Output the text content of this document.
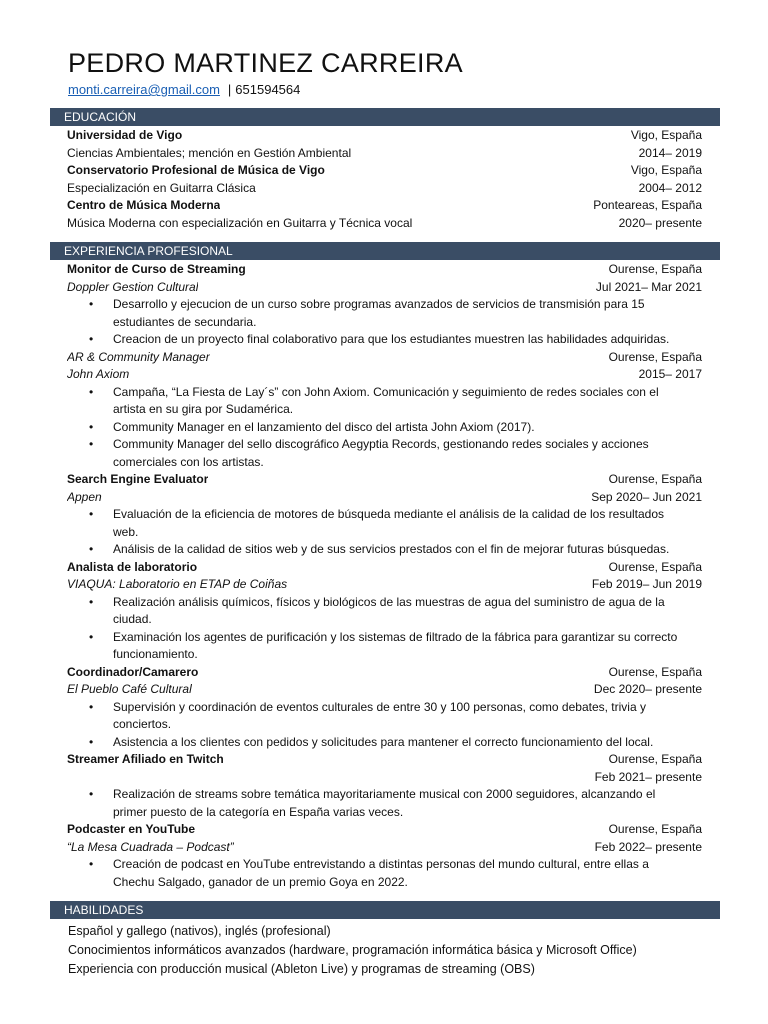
PEDRO MARTINEZ CARREIRA
monti.carreira@gmail.com | 651594564
EDUCACIÓN
Universidad de Vigo	Vigo, España
Ciencias Ambientales; mención en Gestión Ambiental	2014– 2019
Conservatorio Profesional de Música de Vigo	Vigo, España
Especialización en Guitarra Clásica	2004– 2012
Centro de Música Moderna	Ponteareas, España
Música Moderna con especialización en Guitarra y Técnica vocal	2020– presente
EXPERIENCIA PROFESIONAL
Monitor de Curso de Streaming	Ourense, España
Doppler Gestion Cultural	Jul 2021– Mar 2021
• Desarrollo y ejecucion de un curso sobre programas avanzados de servicios de transmisión para 15 estudiantes de secundaria.
• Creacion de un proyecto final colaborativo para que los estudiantes muestren las habilidades adquiridas.
AR & Community Manager	Ourense, España
John Axiom	2015– 2017
• Campaña, “La Fiesta de Lay´s” con John Axiom. Comunicación y seguimiento de redes sociales con el artista en su gira por Sudamérica.
• Community Manager en el lanzamiento del disco del artista John Axiom (2017).
• Community Manager del sello discográfico Aegyptia Records, gestionando redes sociales y acciones comerciales con los artistas.
Search Engine Evaluator	Ourense, España
Appen	Sep 2020– Jun 2021
• Evaluación de la eficiencia de motores de búsqueda mediante el análisis de la calidad de los resultados web.
• Análisis de la calidad de sitios web y de sus servicios prestados con el fin de mejorar futuras búsquedas.
Analista de laboratorio	Ourense, España
VIAQUA: Laboratorio en ETAP de Coiñas	Feb 2019– Jun 2019
• Realización análisis químicos, físicos y biológicos de las muestras de agua del suministro de agua de la ciudad.
• Examinación los agentes de purificación y los sistemas de filtrado de la fábrica para garantizar su correcto funcionamiento.
Coordinador/Camarero	Ourense, España
El Pueblo Café Cultural	Dec 2020– presente
• Supervisión y coordinación de eventos culturales de entre 30 y 100 personas, como debates, trivia y conciertos.
• Asistencia a los clientes con pedidos y solicitudes para mantener el correcto funcionamiento del local.
Streamer Afiliado en Twitch	Ourense, España
Feb 2021– presente
• Realización de streams sobre temática mayoritariamente musical con 2000 seguidores, alcanzando el primer puesto de la categoría en España varias veces.
Podcaster en YouTube	Ourense, España
“La Mesa Cuadrada – Podcast”	Feb 2022– presente
• Creación de podcast en YouTube entrevistando a distintas personas del mundo cultural, entre ellas a Chechu Salgado, ganador de un premio Goya en 2022.
HABILIDADES
Español y gallego (nativos), inglés (profesional)
Conocimientos informáticos avanzados (hardware, programación informática básica y Microsoft Office)
Experiencia con producción musical (Ableton Live) y programas de streaming (OBS)
